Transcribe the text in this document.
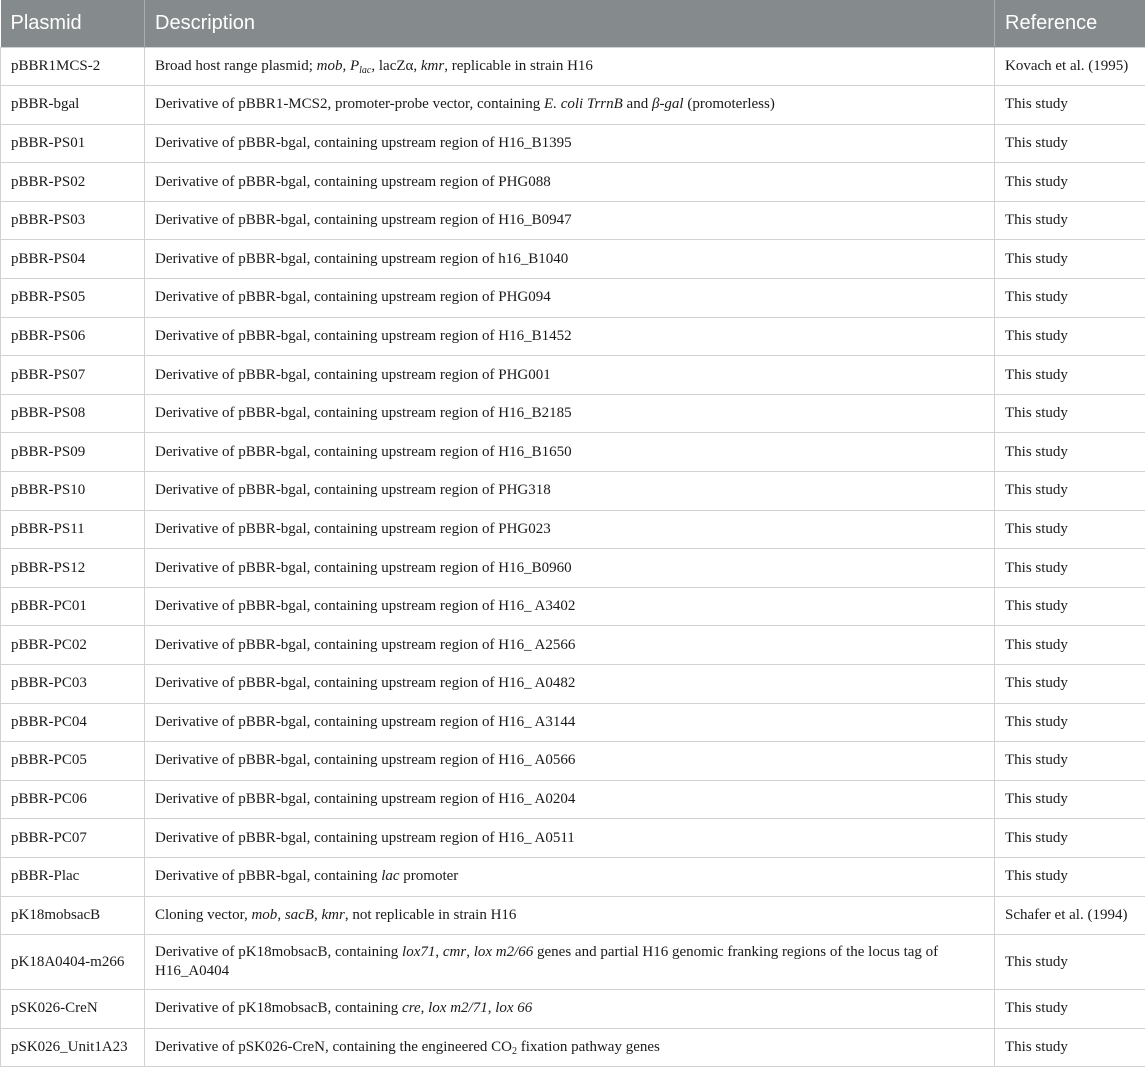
Plasmid	Description	Reference
pBBR1MCS-2	Broad host range plasmid; mob, $P_{lac}$, lacZα, kmr, replicable in strain H16	Kovach et al. (1995)
pBBR-bgal	Derivative of pBBR1-MCS2, promoter-probe vector, containing E. coli TrrnB and β-gal (promoterless)	This study
pBBR-PS01	Derivative of pBBR-bgal, containing upstream region of H16_B1395	This study
pBBR-PS02	Derivative of pBBR-bgal, containing upstream region of PHG088	This study
pBBR-PS03	Derivative of pBBR-bgal, containing upstream region of H16_B0947	This study
pBBR-PS04	Derivative of pBBR-bgal, containing upstream region of h16_B1040	This study
pBBR-PS05	Derivative of pBBR-bgal, containing upstream region of PHG094	This study
pBBR-PS06	Derivative of pBBR-bgal, containing upstream region of H16_B1452	This study
pBBR-PS07	Derivative of pBBR-bgal, containing upstream region of PHG001	This study
pBBR-PS08	Derivative of pBBR-bgal, containing upstream region of H16_B2185	This study
pBBR-PS09	Derivative of pBBR-bgal, containing upstream region of H16_B1650	This study
pBBR-PS10	Derivative of pBBR-bgal, containing upstream region of PHG318	This study
pBBR-PS11	Derivative of pBBR-bgal, containing upstream region of PHG023	This study
pBBR-PS12	Derivative of pBBR-bgal, containing upstream region of H16_B0960	This study
pBBR-PC01	Derivative of pBBR-bgal, containing upstream region of H16_ A3402	This study
pBBR-PC02	Derivative of pBBR-bgal, containing upstream region of H16_ A2566	This study
pBBR-PC03	Derivative of pBBR-bgal, containing upstream region of H16_ A0482	This study
pBBR-PC04	Derivative of pBBR-bgal, containing upstream region of H16_ A3144	This study
pBBR-PC05	Derivative of pBBR-bgal, containing upstream region of H16_ A0566	This study
pBBR-PC06	Derivative of pBBR-bgal, containing upstream region of H16_ A0204	This study
pBBR-PC07	Derivative of pBBR-bgal, containing upstream region of H16_ A0511	This study
pBBR-Plac	Derivative of pBBR-bgal, containing lac promoter	This study
pK18mobsacB	Cloning vector, mob, sacB, kmr, not replicable in strain H16	Schafer et al. (1994)
pK18A0404-m266	Derivative of pK18mobsacB, containing lox71, cmr, lox m2/66 genes and partial H16 genomic franking regions of the locus tag of H16_A0404	This study
pSK026-CreN	Derivative of pK18mobsacB, containing cre, lox m2/71, lox 66	This study
pSK026_Unit1A23	Derivative of pSK026-CreN, containing the engineered $CO_2$ fixation pathway genes	This study
